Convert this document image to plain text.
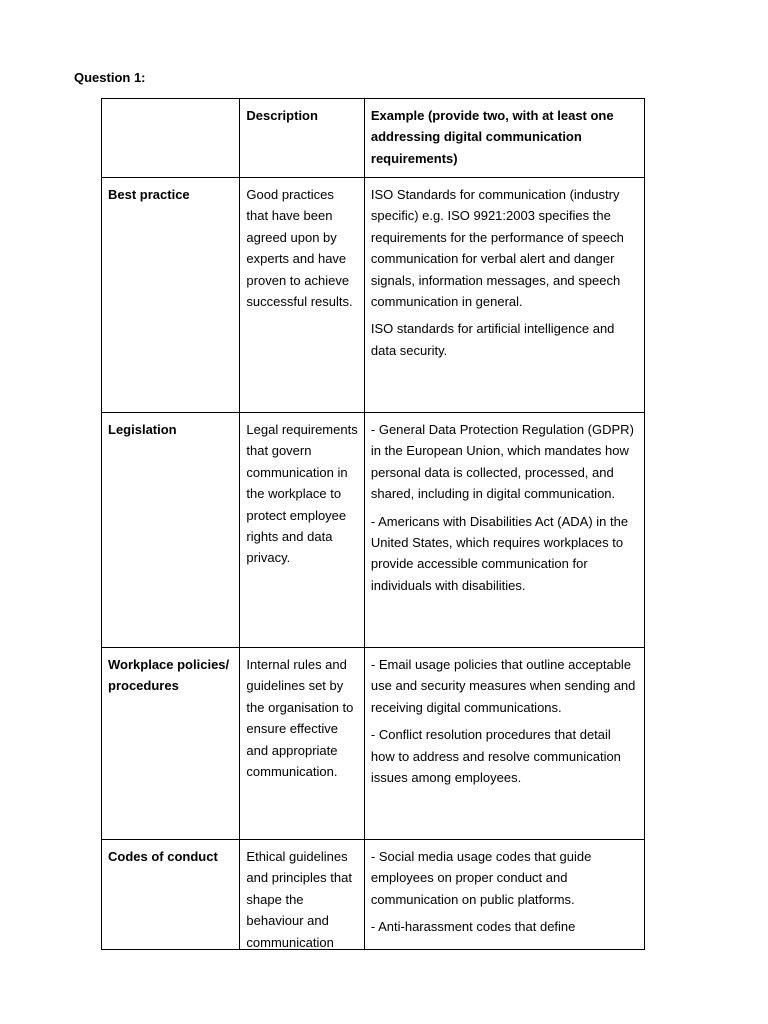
Question 1:
	Description	Example (provide two, with at least one addressing digital communication requirements)
Best practice	Good practices that have been agreed upon by experts and have proven to achieve successful results.	ISO Standards for communication (industry specific) e.g. ISO 9921:2003 specifies the requirements for the performance of speech communication for verbal alert and danger signals, information messages, and speech communication in general.

ISO standards for artificial intelligence and data security.

Legislation	Legal requirements that govern communication in the workplace to protect employee rights and data privacy.	- General Data Protection Regulation (GDPR) in the European Union, which mandates how personal data is collected, processed, and shared, including in digital communication.

- Americans with Disabilities Act (ADA) in the United States, which requires workplaces to provide accessible communication for individuals with disabilities.

Workplace policies/procedures	Internal rules and guidelines set by the organisation to ensure effective and appropriate communication.	- Email usage policies that outline acceptable use and security measures when sending and receiving digital communications.

- Conflict resolution procedures that detail how to address and resolve communication issues among employees.

Codes of conduct	Ethical guidelines and principles that shape the behaviour and communication	- Social media usage codes that guide employees on proper conduct and communication on public platforms.

- Anti-harassment codes that define
